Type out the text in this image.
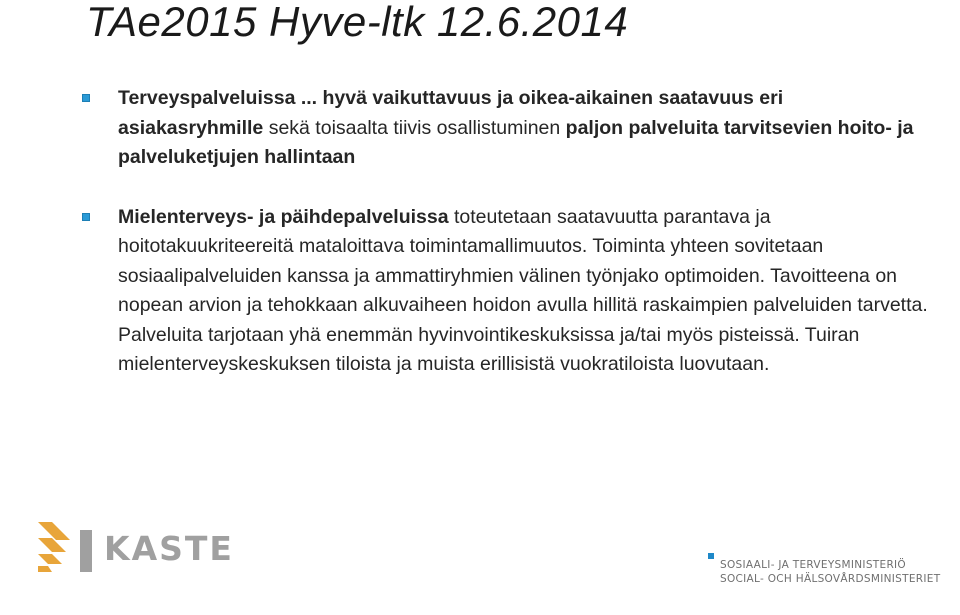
TAe2015 Hyve-ltk 12.6.2014
Terveyspalveluissa ... hyvä vaikuttavuus ja oikea-aikainen saatavuus eri asiakasryhmille sekä toisaalta tiivis osallistuminen paljon palveluita tarvitsevien hoito- ja palveluketjujen hallintaan
Mielenterveys- ja päihdepalveluissa toteutetaan saatavuutta parantava ja hoitotakuukriteereitä mataloittava toimintamallimuutos. Toiminta yhteen sovitetaan sosiaalipalveluiden kanssa ja ammattiryhmien välinen työnjako optimoiden. Tavoitteena on nopean arvion ja tehokkaan alkuvaiheen hoidon avulla hillitä raskaimpien palveluiden tarvetta. Palveluita tarjotaan yhä enemmän hyvinvointikeskuksissa ja/tai myös pisteissä. Tuiran mielenterveyskeskuksen tiloista ja muista erillisistä vuokratiloista luovutaan.
KASTE	SOSIAALI- JA TERVEYSMINISTERIÖ
SOCIAL- OCH HÄLSOVÅRDSMINISTERIET
